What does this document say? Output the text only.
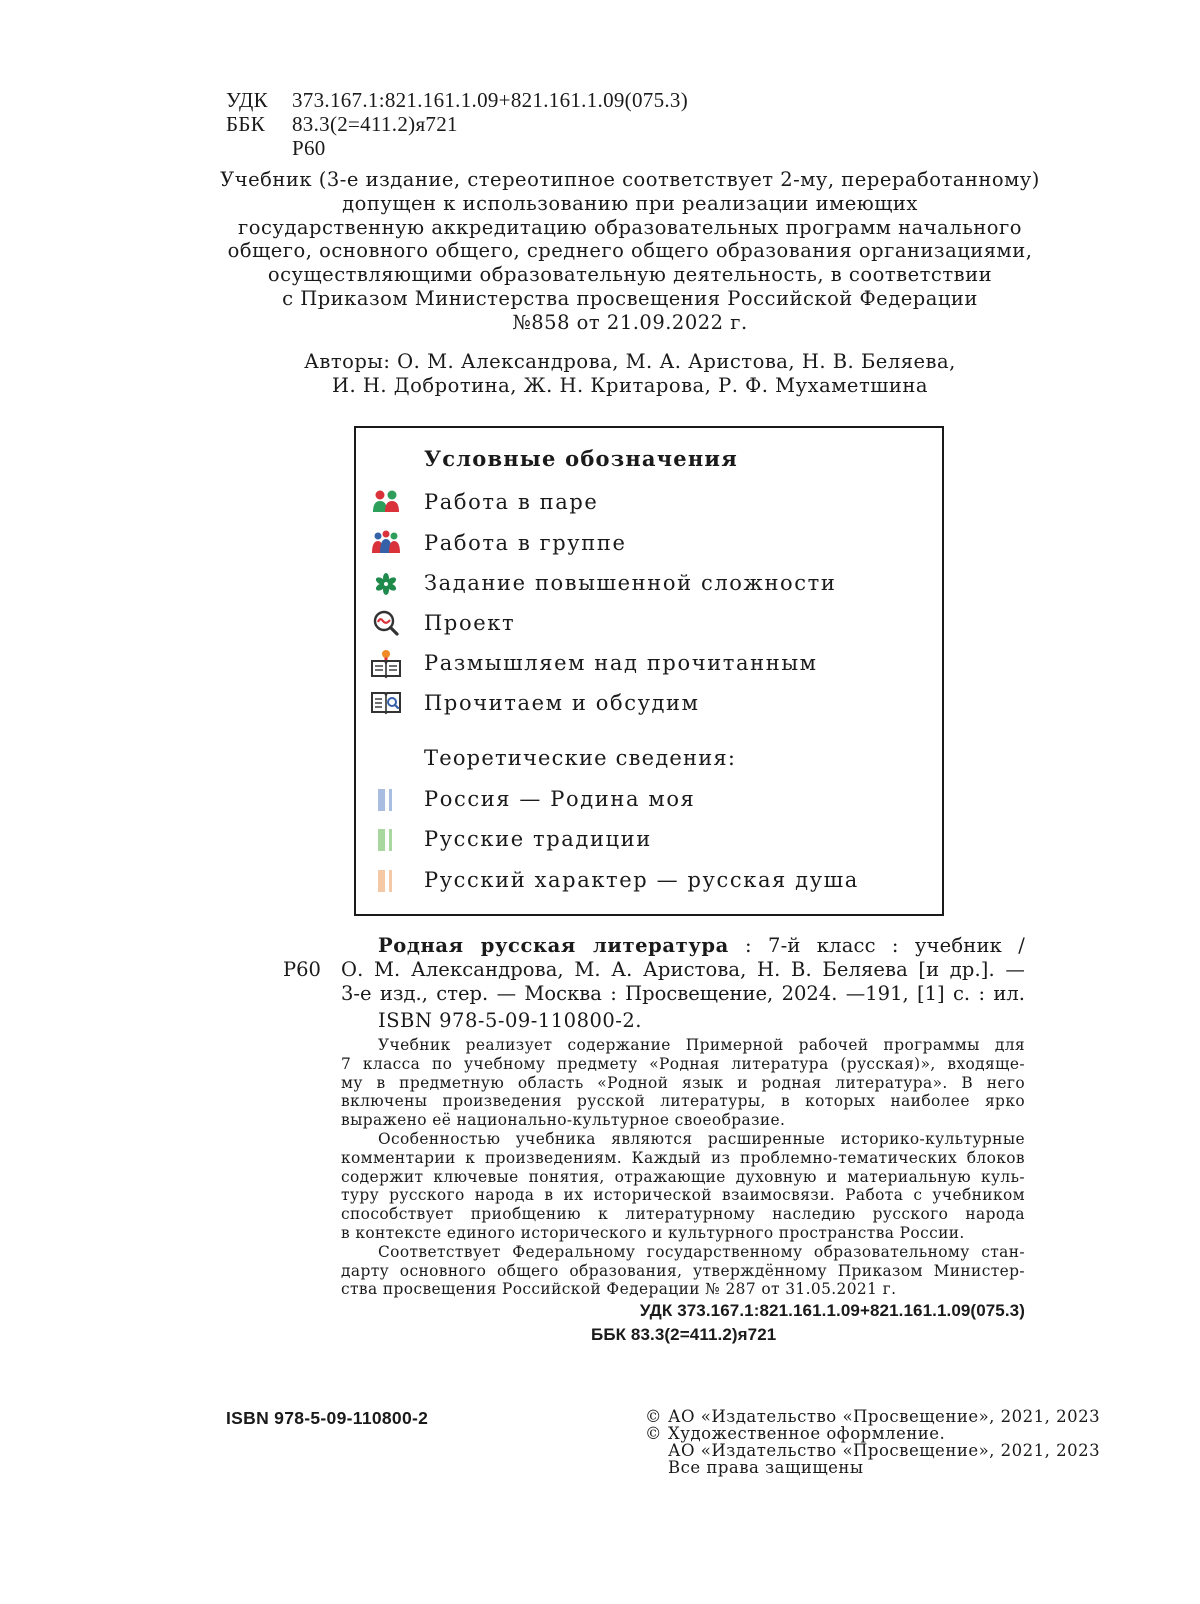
УДК 373.167.1:821.161.1.09+821.161.1.09(075.3)
ББК 83.3(2=411.2)я721
Р60
Учебник (3-е издание, стереотипное соответствует 2-му, переработанному)
допущен к использованию при реализации имеющих
государственную аккредитацию образовательных программ начального
общего, основного общего, среднего общего образования организациями,
осуществляющими образовательную деятельность, в соответствии
с Приказом Министерства просвещения Российской Федерации
№858 от 21.09.2022 г.
Авторы: О. М. Александрова, М. А. Аристова, Н. В. Беляева,
И. Н. Добротина, Ж. Н. Критарова, Р. Ф. Мухаметшина
Условные обозначения
Работа в паре
Работа в группе
Задание повышенной сложности
Проект
Размышляем над прочитанным
Прочитаем и обсудим
Теоретические сведения:
Россия — Родина моя
Русские традиции
Русский характер — русская душа
Родная русская литература : 7-й класс : учебник /
Р60 О. М. Александрова, М. А. Аристова, Н. В. Беляева [и др.]. —
3-е изд., стер. — Москва : Просвещение, 2024. —191, [1] с. : ил.
ISBN 978-5-09-110800-2.
Учебник реализует содержание Примерной рабочей программы для
7 класса по учебному предмету «Родная литература (русская)», входяще-
му в предметную область «Родной язык и родная литература». В него
включены произведения русской литературы, в которых наиболее ярко
выражено её национально-культурное своеобразие.
Особенностью учебника являются расширенные историко-культурные
комментарии к произведениям. Каждый из проблемно-тематических блоков
содержит ключевые понятия, отражающие духовную и материальную куль-
туру русского народа в их исторической взаимосвязи. Работа с учебником
способствует приобщению к литературному наследию русского народа
в контексте единого исторического и культурного пространства России.
Соответствует Федеральному государственному образовательному стан-
дарту основного общего образования, утверждённому Приказом Министер-
ства просвещения Российской Федерации № 287 от 31.05.2021 г.
УДК 373.167.1:821.161.1.09+821.161.1.09(075.3)
ББК 83.3(2=411.2)я721
ISBN 978-5-09-110800-2	© АО «Издательство «Просвещение», 2021, 2023
© Художественное оформление.
АО «Издательство «Просвещение», 2021, 2023
Все права защищены
